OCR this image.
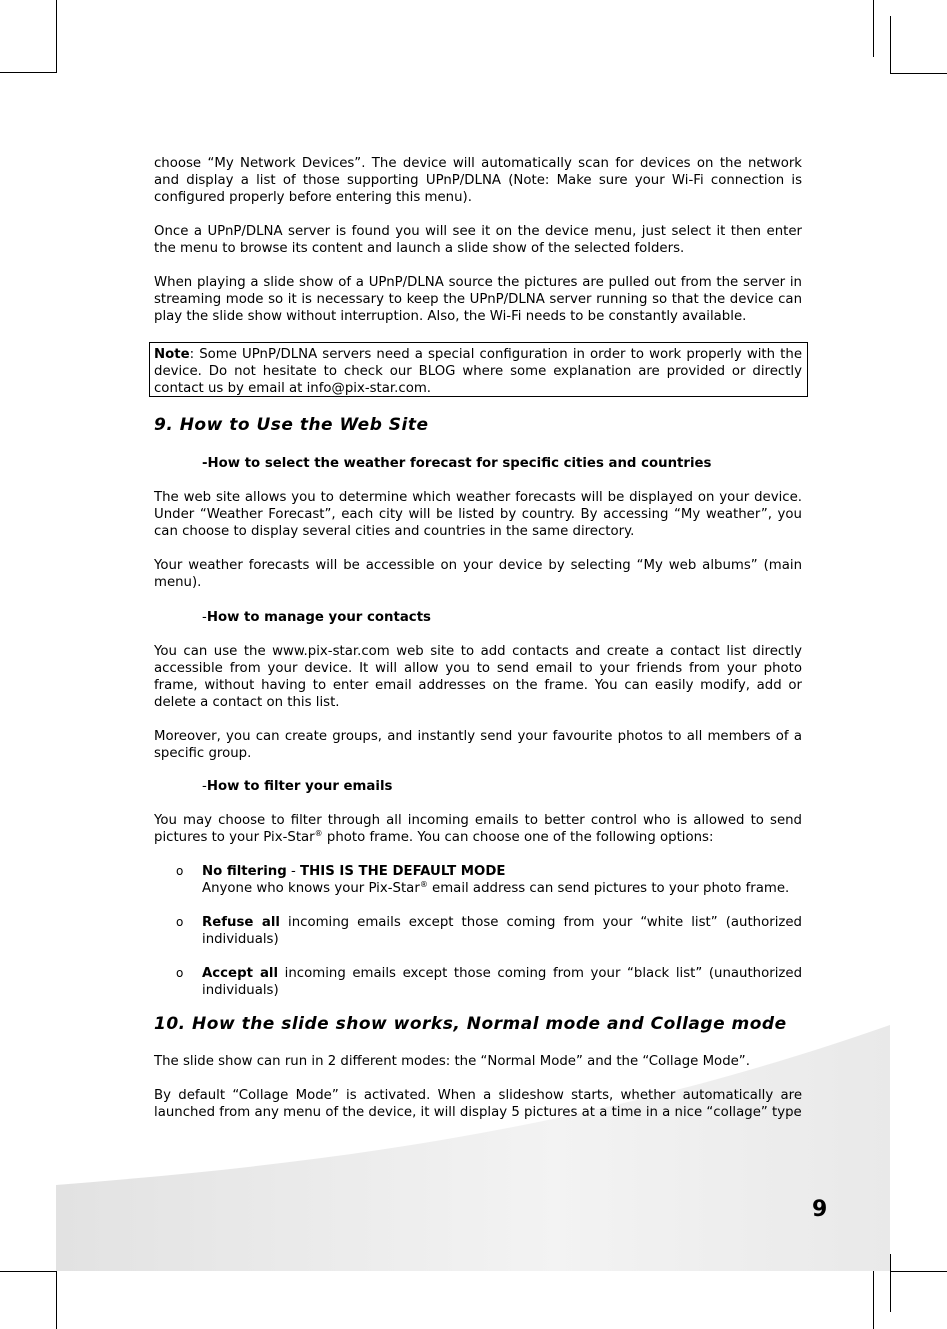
choose “My Network Devices”. The device will automatically scan for devices on the network and display a list of those supporting UPnP/DLNA (Note: Make sure your Wi-Fi connection is configured properly before entering this menu).

Once a UPnP/DLNA server is found you will see it on the device menu, just select it then enter the menu to browse its content and launch a slide show of the selected folders.

When playing a slide show of a UPnP/DLNA source the pictures are pulled out from the server in streaming mode so it is necessary to keep the UPnP/DLNA server running so that the device can play the slide show without interruption. Also, the Wi-Fi needs to be constantly available.

Note: Some UPnP/DLNA servers need a special configuration in order to work properly with the device. Do not hesitate to check our BLOG where some explanation are provided or directly contact us by email at info@pix-star.com.

9. How to Use the Web Site
-How to select the weather forecast for specific cities and countries

The web site allows you to determine which weather forecasts will be displayed on your device. Under “Weather Forecast”, each city will be listed by country. By accessing “My weather”, you can choose to display several cities and countries in the same directory.

Your weather forecasts will be accessible on your device by selecting “My web albums” (main menu).

-How to manage your contacts

You can use the www.pix-star.com web site to add contacts and create a contact list directly accessible from your device. It will allow you to send email to your friends from your photo frame, without having to enter email addresses on the frame. You can easily modify, add or delete a contact on this list.

Moreover, you can create groups, and instantly send your favourite photos to all members of a specific group.

-How to filter your emails

You may choose to filter through all incoming emails to better control who is allowed to send pictures to your Pix-Star® photo frame. You can choose one of the following options:

o No filtering - THIS IS THE DEFAULT MODE
Anyone who knows your Pix-Star® email address can send pictures to your photo frame.
o Refuse all incoming emails except those coming from your “white list” (authorized individuals)
o Accept all incoming emails except those coming from your “black list” (unauthorized individuals)
10. How the slide show works, Normal mode and Collage mode

The slide show can run in 2 different modes: the “Normal Mode” and the “Collage Mode”.

By default “Collage Mode” is activated. When a slideshow starts, whether automatically are launched from any menu of the device, it will display 5 pictures at a time in a nice “collage” type

9
